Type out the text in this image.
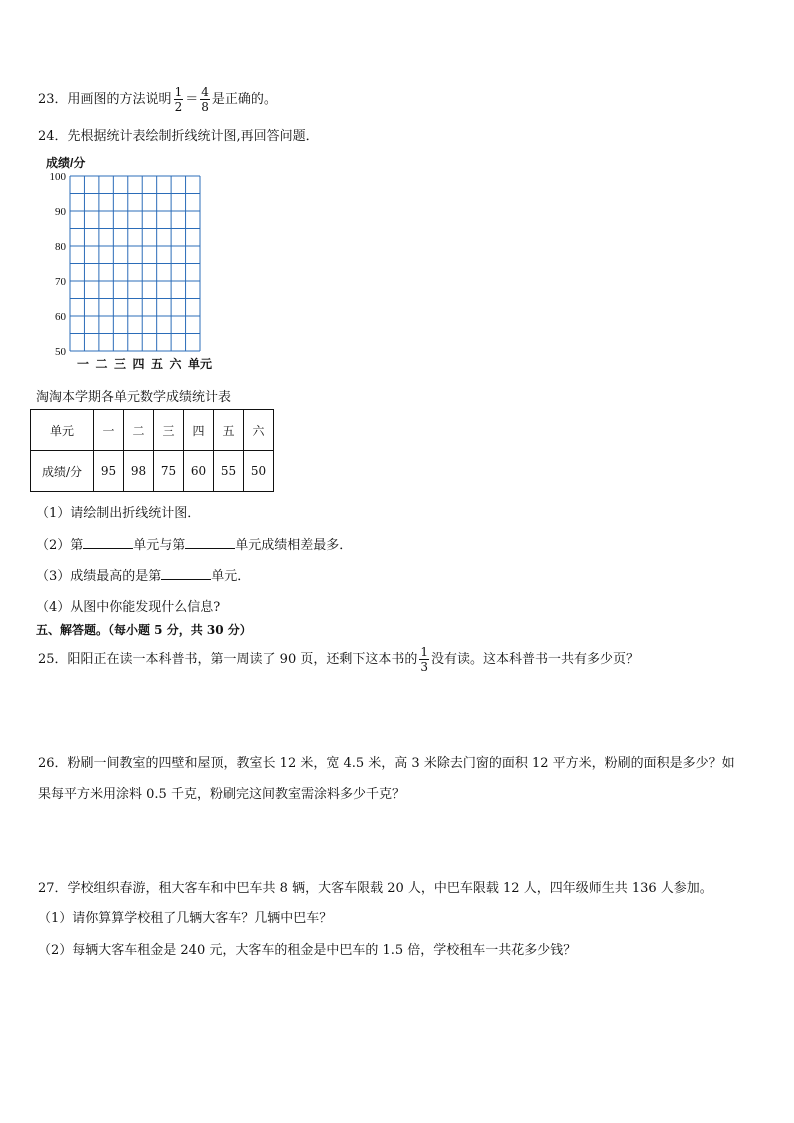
23．用画图的方法说明 $\frac{1}{2} = \frac{4}{8}$ 是正确的。
24．先根据统计表绘制折线统计图,再回答问题．
成绩/分
100
90
80
70
60
50
一 二 三 四 五 六 单元
淘淘本学期各单元数学成绩统计表
单元	一	二	三	四	五	六
成绩/分	95	98	75	60	55	50
（1）请绘制出折线统计图．
（2）第	单元与第	单元成绩相差最多．
（3）成绩最高的是第	单元．
（4）从图中你能发现什么信息?
五、解答题。（每小题 5 分，共 30 分）
25．阳阳正在读一本科普书，第一周读了 90 页，还剩下这本书的 $\frac{1}{3}$ 没有读。这本科普书一共有多少页？
26．粉刷一间教室的四壁和屋顶，教室长 12 米，宽 4.5 米，高 3 米除去门窗的面积 12 平方米，粉刷的面积是多少？如
果每平方米用涂料 0.5 千克，粉刷完这间教室需涂料多少千克？
27．学校组织春游，租大客车和中巴车共 8 辆，大客车限载 20 人，中巴车限载 12 人，四年级师生共 136 人参加。
（1）请你算算学校租了几辆大客车？几辆中巴车？
（2）每辆大客车租金是 240 元，大客车的租金是中巴车的 1.5 倍，学校租车一共花多少钱？
